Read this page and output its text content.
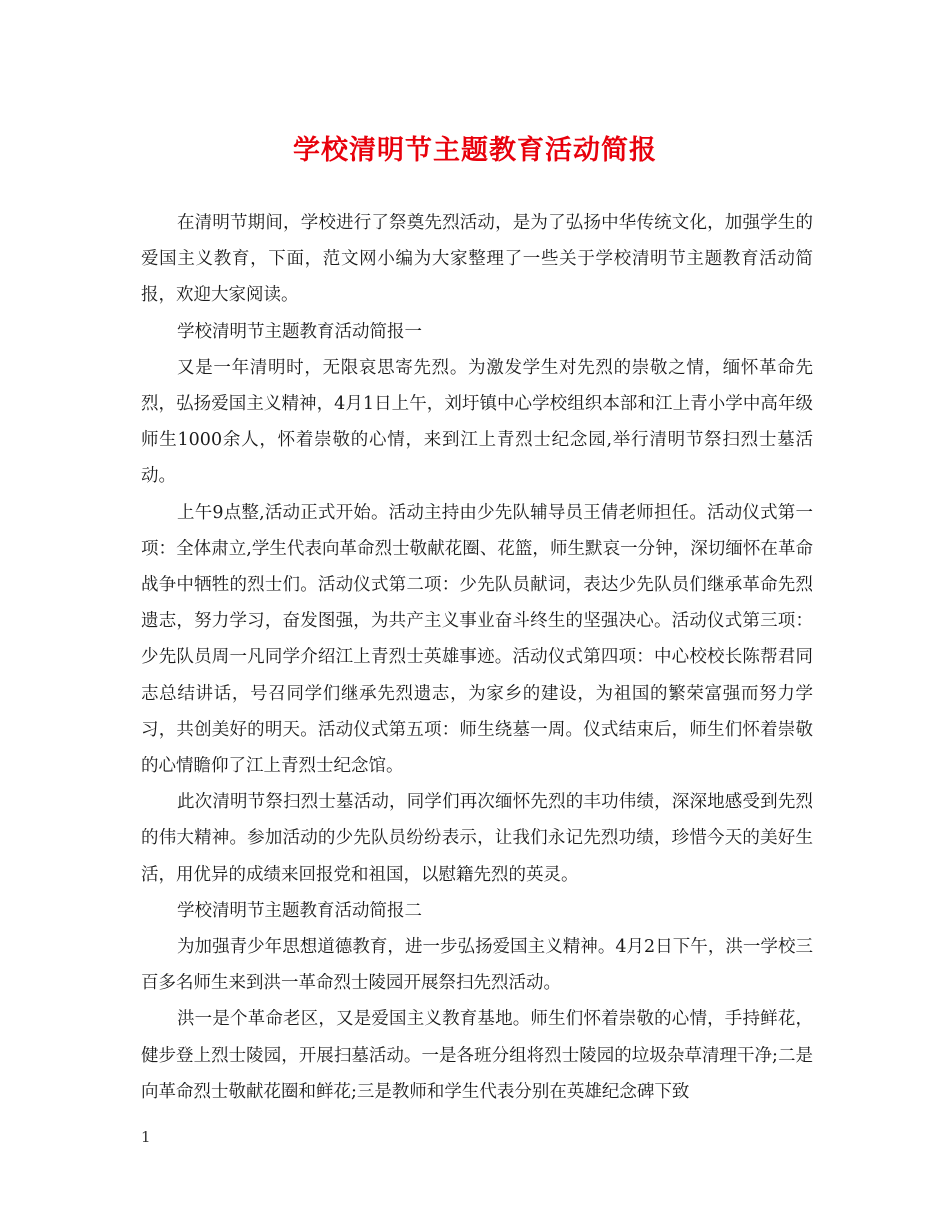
学校清明节主题教育活动简报

在清明节期间，学校进行了祭奠先烈活动，是为了弘扬中华传统文化，加强学生的爱国主义教育，下面，范文网小编为大家整理了一些关于学校清明节主题教育活动简报，欢迎大家阅读。

学校清明节主题教育活动简报一

又是一年清明时，无限哀思寄先烈。为激发学生对先烈的崇敬之情，缅怀革命先烈，弘扬爱国主义精神，4月1日上午，刘圩镇中心学校组织本部和江上青小学中高年级师生1000余人，怀着崇敬的心情，来到江上青烈士纪念园,举行清明节祭扫烈士墓活动。

上午9点整,活动正式开始。活动主持由少先队辅导员王倩老师担任。活动仪式第一项：全体肃立,学生代表向革命烈士敬献花圈、花篮，师生默哀一分钟，深切缅怀在革命战争中牺牲的烈士们。活动仪式第二项：少先队员献词，表达少先队员们继承革命先烈遗志，努力学习，奋发图强，为共产主义事业奋斗终生的坚强决心。活动仪式第三项：少先队员周一凡同学介绍江上青烈士英雄事迹。活动仪式第四项：中心校校长陈帮君同志总结讲话，号召同学们继承先烈遗志，为家乡的建设，为祖国的繁荣富强而努力学习，共创美好的明天。活动仪式第五项：师生绕墓一周。仪式结束后，师生们怀着崇敬的心情瞻仰了江上青烈士纪念馆。

此次清明节祭扫烈士墓活动，同学们再次缅怀先烈的丰功伟绩，深深地感受到先烈的伟大精神。参加活动的少先队员纷纷表示，让我们永记先烈功绩，珍惜今天的美好生活，用优异的成绩来回报党和祖国，以慰籍先烈的英灵。

学校清明节主题教育活动简报二

为加强青少年思想道德教育，进一步弘扬爱国主义精神。4月2日下午，洪一学校三百多名师生来到洪一革命烈士陵园开展祭扫先烈活动。

洪一是个革命老区，又是爱国主义教育基地。师生们怀着崇敬的心情，手持鲜花，健步登上烈士陵园，开展扫墓活动。一是各班分组将烈士陵园的垃圾杂草清理干净;二是向革命烈士敬献花圈和鲜花;三是教师和学生代表分别在英雄纪念碑下致

1
